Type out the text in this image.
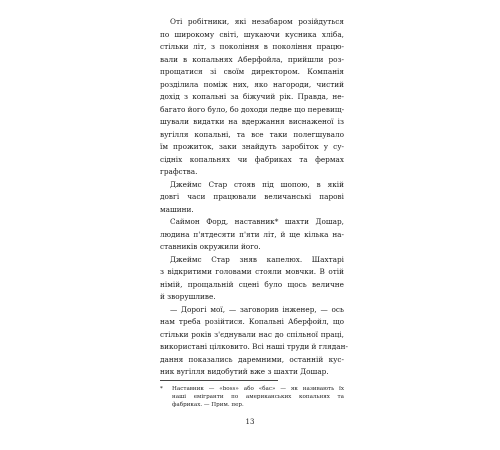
Оті робітники, які незабаром розійдуться
по широкому світі, шукаючи кусника хліба,
стільки літ, з покоління в покоління працю-
вали в копальнях Аберфойла, прийшли роз-
прощатися зі своїм директором. Компанія
розділила поміж них, яко нагороди, чистий
дохід з копальні за біжучий рік. Правда, не-
багато його було, бо доходи ледве що перевищ-
шували видатки на вдержання виснаженої із
вугілля копальні, та все таки полегшувало
їм прожиток, заки знайдуть заробіток у су-
сідніх копальнях чи фабриках та фермах
графства.
Джеймс Стар стояв під шопою, в якій
довгі часи працювали величанські парові
машини.
Саймон Форд, наставник* шахти Дошар,
людина п'ятдесяти п'яти літ, й ще кілька на-
ставників окружили його.
Джеймс Стар зняв капелюх. Шахтарі
з відкритими головами стояли мовчки. В отій
німій, прощальній сцені було щось величне
й зворушливе.
— Дорогі мої, — заговорив інженер, — ось
нам треба розійтися. Копальні Аберфойл, що
стільки років з'єднували нас до спільної праці,
використані цілковито. Всі наші труди й глядан-
дання показались даремними, останній кус-
ник вугілля видобутий вже з шахти Дошар.
* Наставник — «boss» або «бас» — як називають їх
наші емігранти по американських копальнях та
фабриках. — Прим. пер.
13
